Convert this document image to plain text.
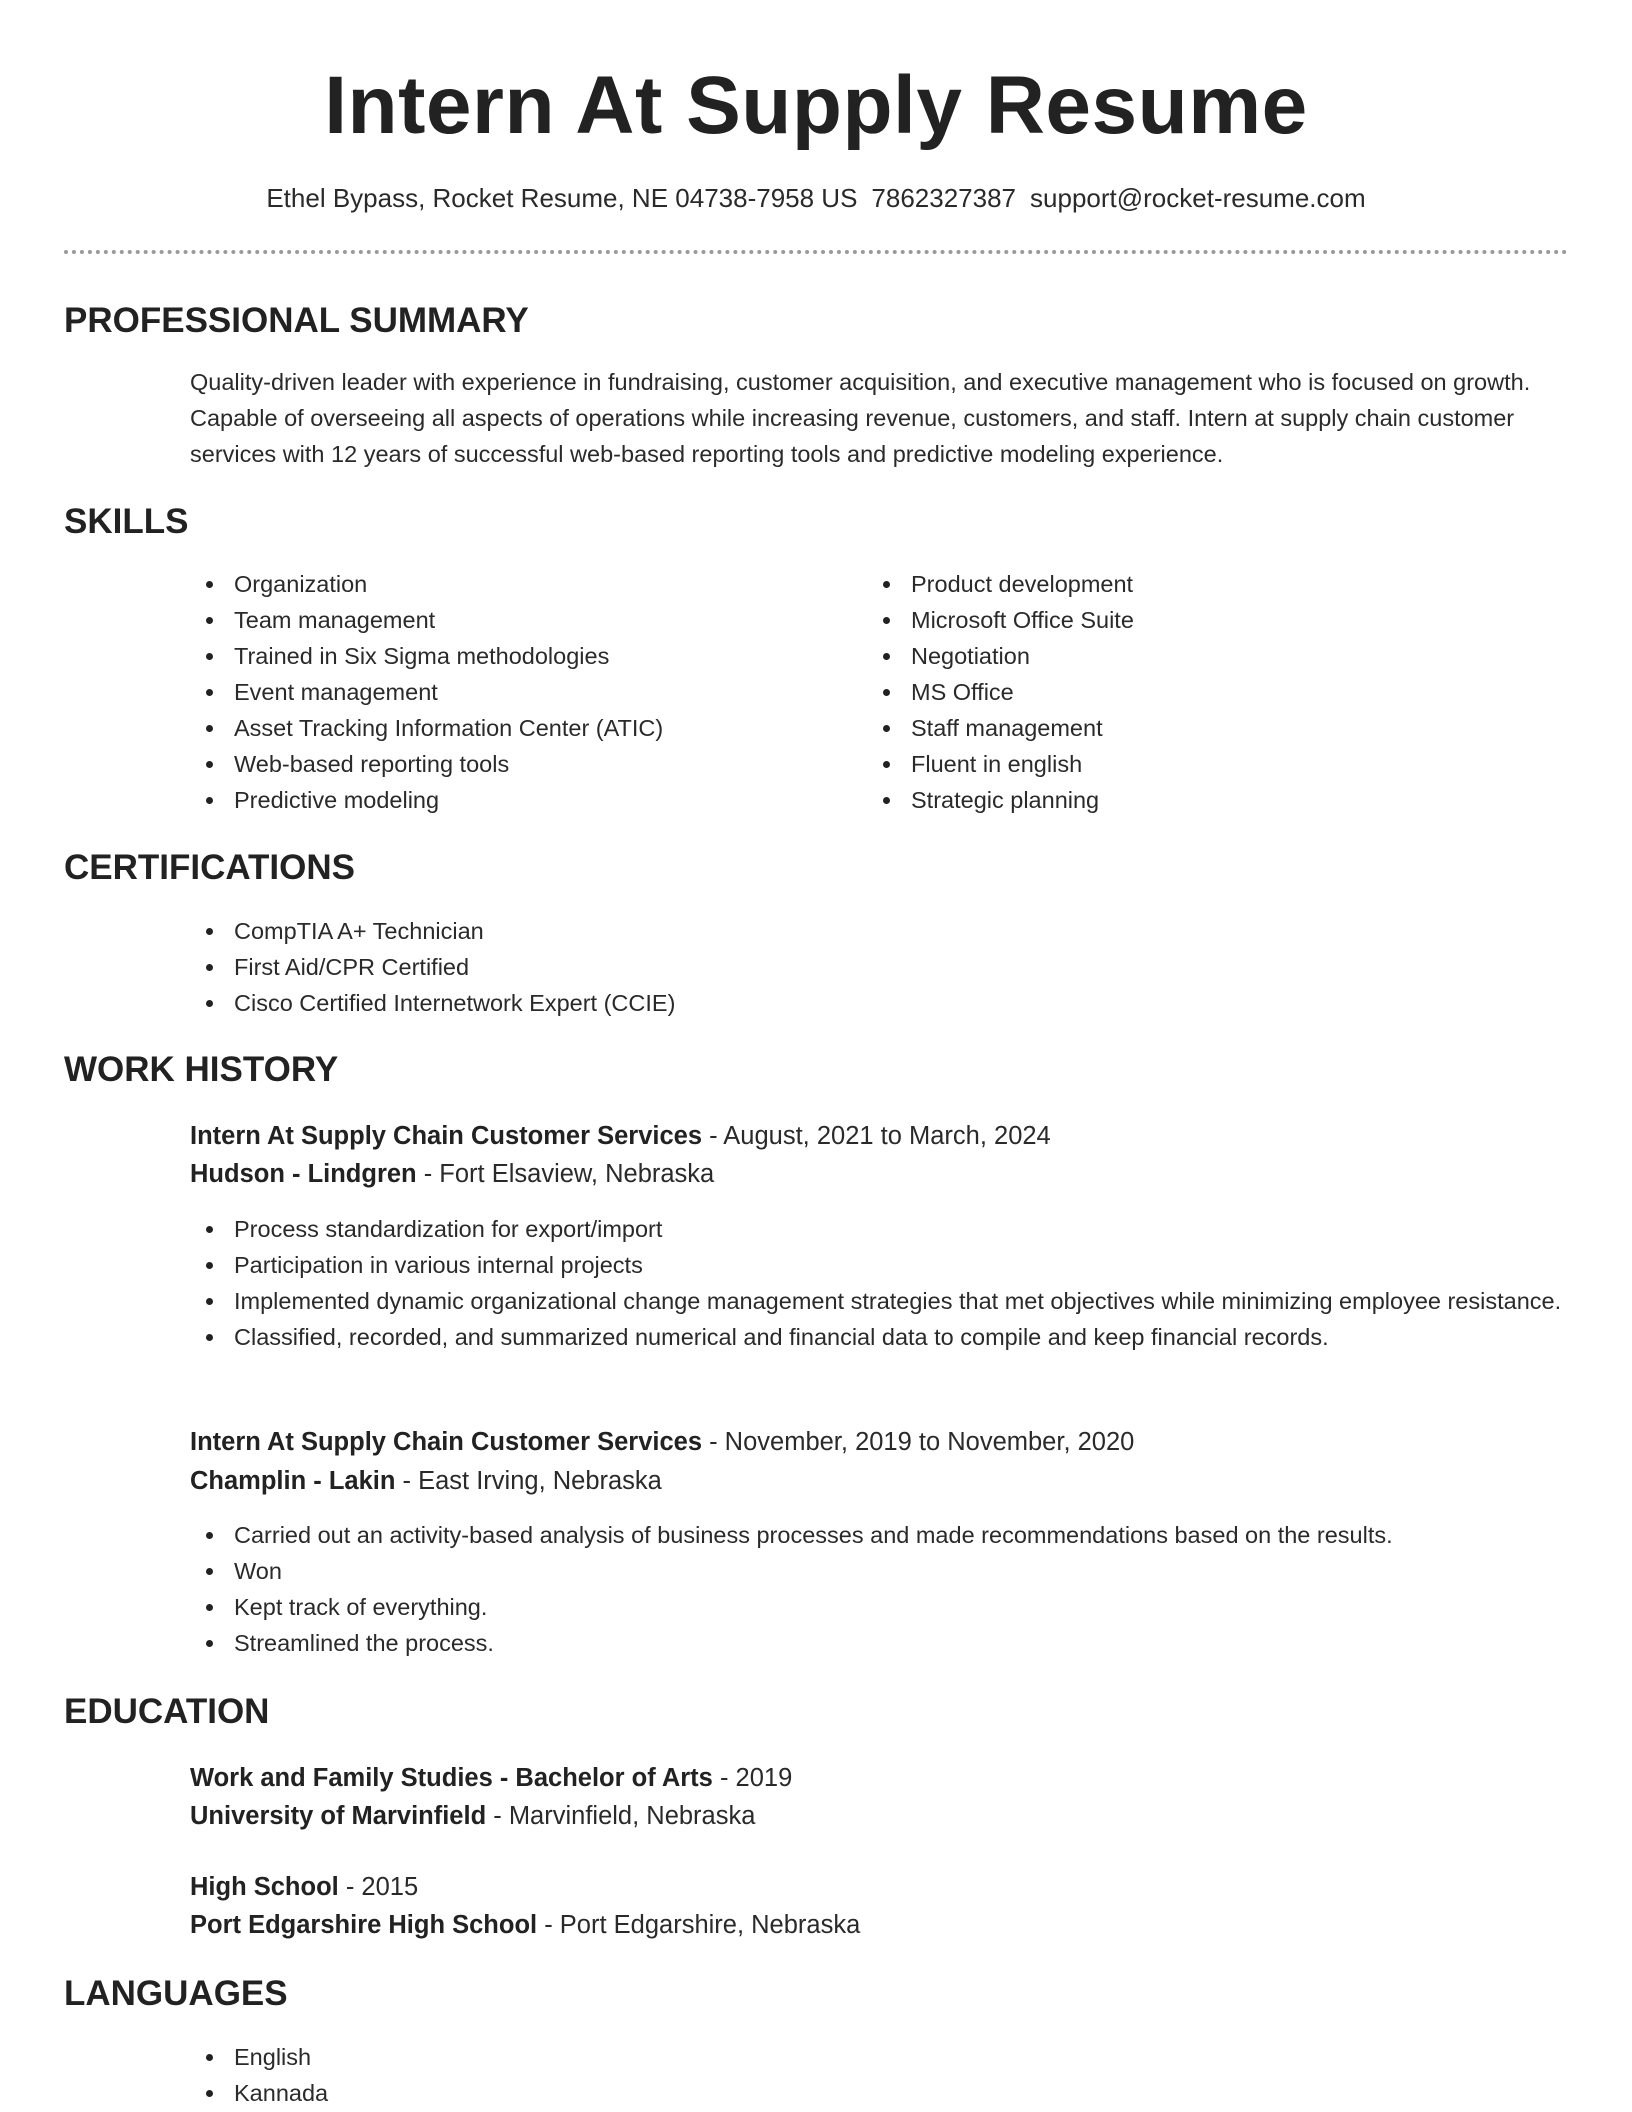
Intern At Supply Resume
Ethel Bypass, Rocket Resume, NE 04738-7958 US 7862327387 support@rocket-resume.com
PROFESSIONAL SUMMARY
Quality-driven leader with experience in fundraising, customer acquisition, and executive management who is focused on growth. Capable of overseeing all aspects of operations while increasing revenue, customers, and staff. Intern at supply chain customer services with 12 years of successful web-based reporting tools and predictive modeling experience.
SKILLS
Organization
Team management
Trained in Six Sigma methodologies
Event management
Asset Tracking Information Center (ATIC)
Web-based reporting tools
Predictive modeling
Product development
Microsoft Office Suite
Negotiation
MS Office
Staff management
Fluent in english
Strategic planning
CERTIFICATIONS
CompTIA A+ Technician
First Aid/CPR Certified
Cisco Certified Internetwork Expert (CCIE)
WORK HISTORY
Intern At Supply Chain Customer Services - August, 2021 to March, 2024
Hudson - Lindgren - Fort Elsaview, Nebraska
Process standardization for export/import
Participation in various internal projects
Implemented dynamic organizational change management strategies that met objectives while minimizing employee resistance.
Classified, recorded, and summarized numerical and financial data to compile and keep financial records.
Intern At Supply Chain Customer Services - November, 2019 to November, 2020
Champlin - Lakin - East Irving, Nebraska
Carried out an activity-based analysis of business processes and made recommendations based on the results.
Won
Kept track of everything.
Streamlined the process.
EDUCATION
Work and Family Studies - Bachelor of Arts - 2019
University of Marvinfield - Marvinfield, Nebraska
High School - 2015
Port Edgarshire High School - Port Edgarshire, Nebraska
LANGUAGES
English
Kannada
